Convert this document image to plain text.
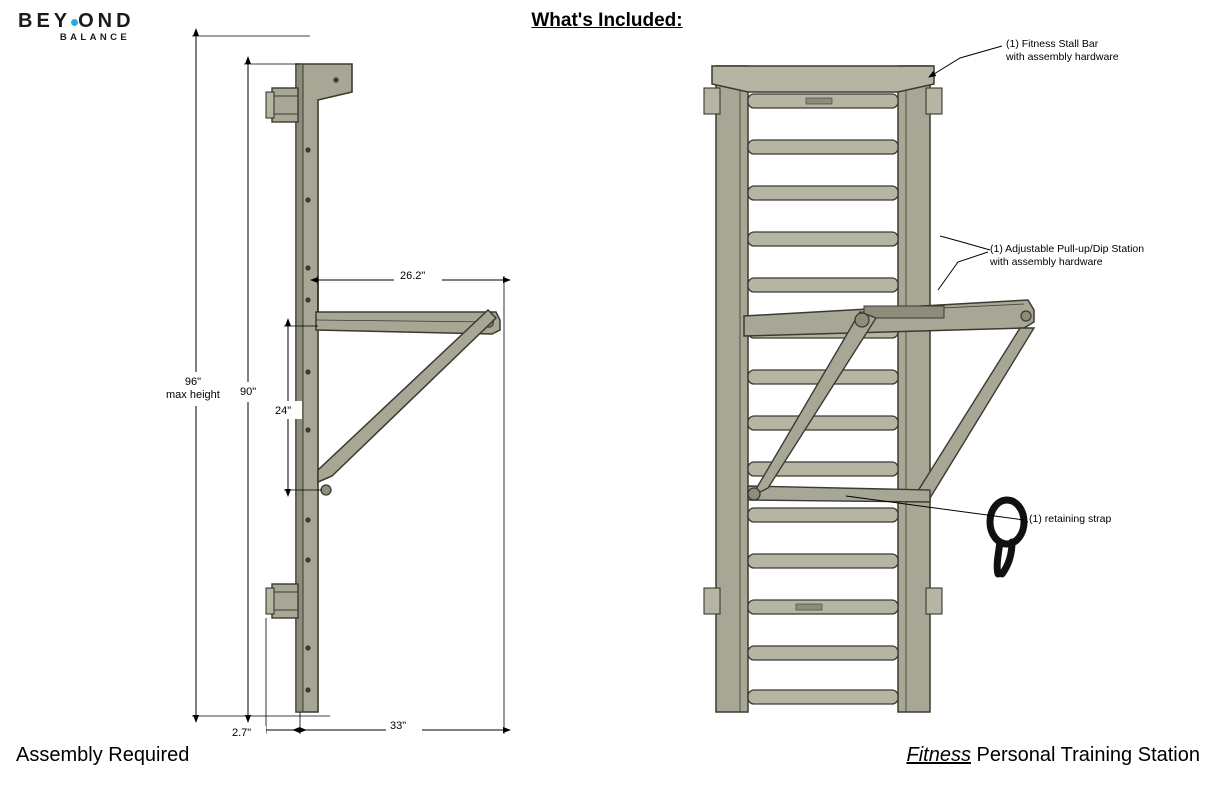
BEY OND
BALANCE
What's Included:
(1) Fitness Stall Bar
with assembly hardware
(1) Adjustable Pull-up/Dip Station
with assembly hardware
(1) retaining strap
96"
max height 90"
24"
26.2"
33"
2.7"
Assembly Required	Fitness Personal Training Station
